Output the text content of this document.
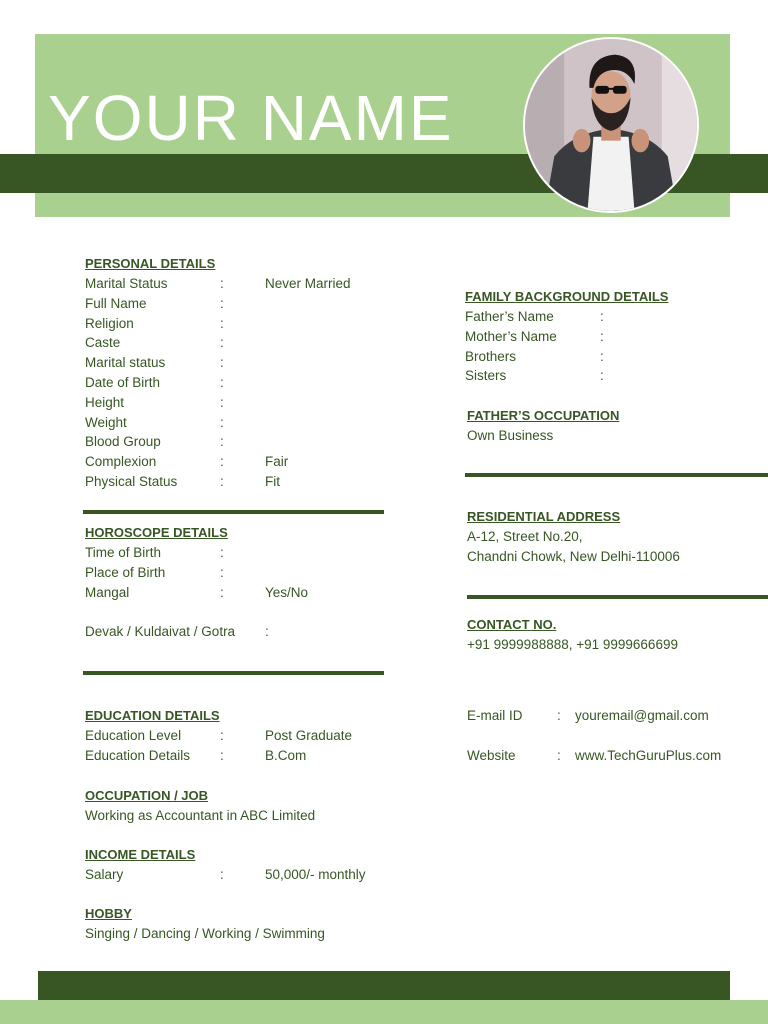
YOUR NAME
PERSONAL DETAILS
Marital Status	:	Never Married
Full Name	:
Religion	:
Caste	:
Marital status	:
Date of Birth	:
Height	:
Weight	:
Blood Group	:
Complexion	:	Fair
Physical Status	:	Fit
HOROSCOPE DETAILS
Time of Birth	:
Place of Birth	:
Mangal	:	Yes/No
Devak / Kuldaivat / Gotra :
EDUCATION DETAILS
Education Level	:	Post Graduate
Education Details :	B.Com
OCCUPATION / JOB
Working as Accountant in ABC Limited
INCOME DETAILS
Salary	:	50,000/- monthly
HOBBY
Singing / Dancing / Working / Swimming
FAMILY BACKGROUND DETAILS
Father’s Name	:
Mother’s Name	:
Brothers	:
Sisters	:
FATHER’S OCCUPATION
Own Business
RESIDENTIAL ADDRESS
A-12, Street No.20,
Chandni Chowk, New Delhi-110006
CONTACT NO.
+91 9999988888, +91 9999666699
E-mail ID	: youremail@gmail.com
Website	: www.TechGuruPlus.com
